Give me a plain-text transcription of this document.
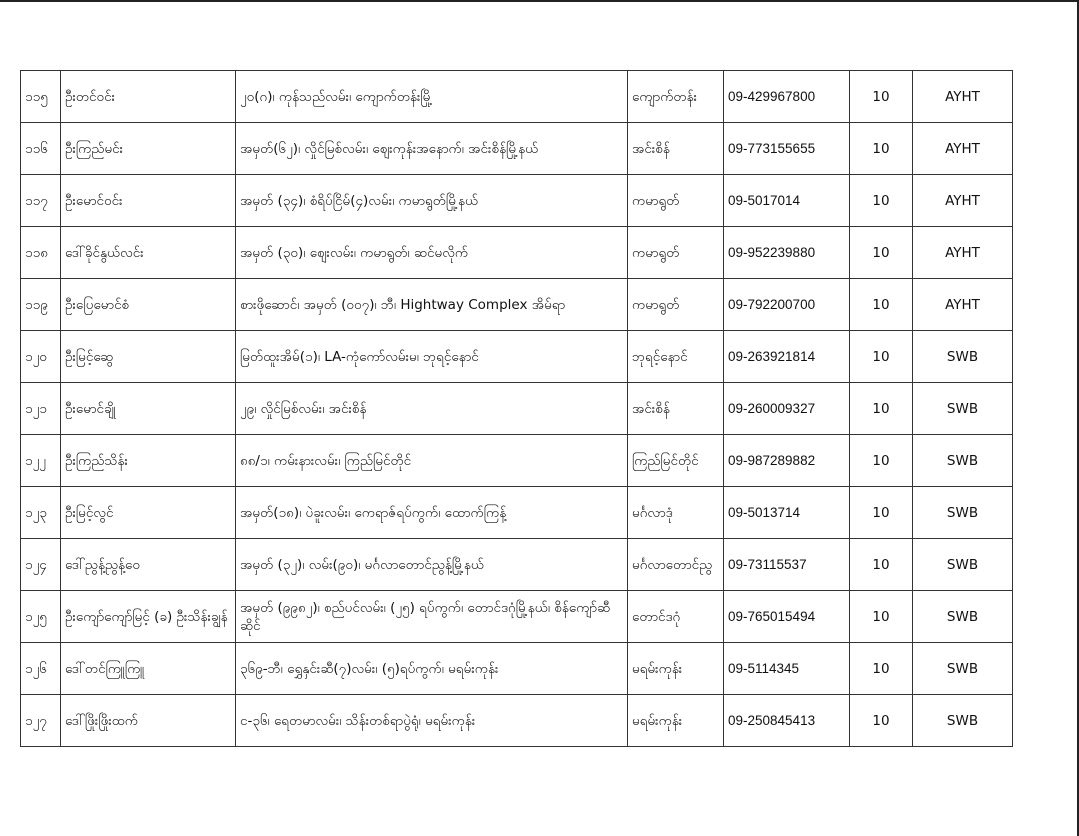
၁၁၅	ဦးတင်ဝင်း	၂၀(ဂ)၊ ကုန်သည်လမ်း၊ ကျောက်တန်းမြို့	ကျောက်တန်း	09-429967800	10	AYHT
၁၁၆	ဦးကြည်မင်း	အမှတ်(၆၂)၊ လှိုင်မြစ်လမ်း၊ ဈေးကုန်းအနောက်၊ အင်းစိန်မြို့နယ်	အင်းစိန်	09-773155655	10	AYHT
၁၁၇	ဦးမောင်ဝင်း	အမှတ် (၃၄)၊ စံရိပ်ငြိမ်(၄)လမ်း၊ ကမာရွတ်မြို့နယ်	ကမာရွတ်	09-5017014	10	AYHT
၁၁၈	ဒေါ်ခိုင်နွယ်လင်း	အမှတ် (၃၀)၊ ဈေးလမ်း၊ ကမာရွတ်၊ ဆင်မလိုက်	ကမာရွတ်	09-952239880	10	AYHT
၁၁၉	ဦးပြေမောင်စံ	စားဖိုဆောင်၊ အမှတ် (၀၀၇)၊ ဘီ၊ Hightway Complex အိမ်ရာ	ကမာရွတ်	09-792200700	10	AYHT
၁၂၀	ဦးမြင့်ဆွေ	မြတ်ထူးအိမ်(၁)၊ LA-ကုံကော်လမ်းမ၊ ဘုရင့်နောင်	ဘုရင့်နောင်	09-263921814	10	SWB
၁၂၁	ဦးမောင်ချို	၂၉၊ လှိုင်မြစ်လမ်း၊ အင်းစိန်	အင်းစိန်	09-260009327	10	SWB
၁၂၂	ဦးကြည်သိန်း	၈၈/၁၊ ကမ်းနားလမ်း၊ ကြည်မြင်တိုင်	ကြည်မြင်တိုင်	09-987289882	10	SWB
၁၂၃	ဦးမြင့်လွင်	အမှတ်(၁၈)၊ ပဲခူးလမ်း၊ ကေရာဇ်ရပ်ကွက်၊ ထောက်ကြန့်	မင်္ဂလာဒုံ	09-5013714	10	SWB
၁၂၄	ဒေါ်ညွန့်ညွန့်ဝေ	အမှတ် (၃၂)၊ လမ်း(၉၀)၊ မင်္ဂလာတောင်ညွန့်မြို့နယ်	မင်္ဂလာတောင်ညွ	09-73115537	10	SWB
၁၂၅	ဦးကျော်ကျော်မြင့် (ခ) ဦးသိန်းချွန်	အမှတ် (၉၉၈၂)၊ စည်ပင်လမ်း၊ (၂၅) ရပ်ကွက်၊ တောင်ဒဂုံမြို့နယ်၊ စိန်ကျော်ဆီဆိုင်	တောင်ဒဂုံ	09-765015494	10	SWB
၁၂၆	ဒေါ်တင်ကြူကြူ	၃၆၉-ဘီ၊ ရွှေနှင်းဆီ(၇)လမ်း၊ (၅)ရပ်ကွက်၊ မရမ်းကုန်း	မရမ်းကုန်း	09-5114345	10	SWB
၁၂၇	ဒေါ်ဖြိုးဖြိုးထက်	င-၃၆၊ ရေတမာလမ်း၊ သိန်းတစ်ရာပွဲရုံ၊ မရမ်းကုန်း	မရမ်းကုန်း	09-250845413	10	SWB
